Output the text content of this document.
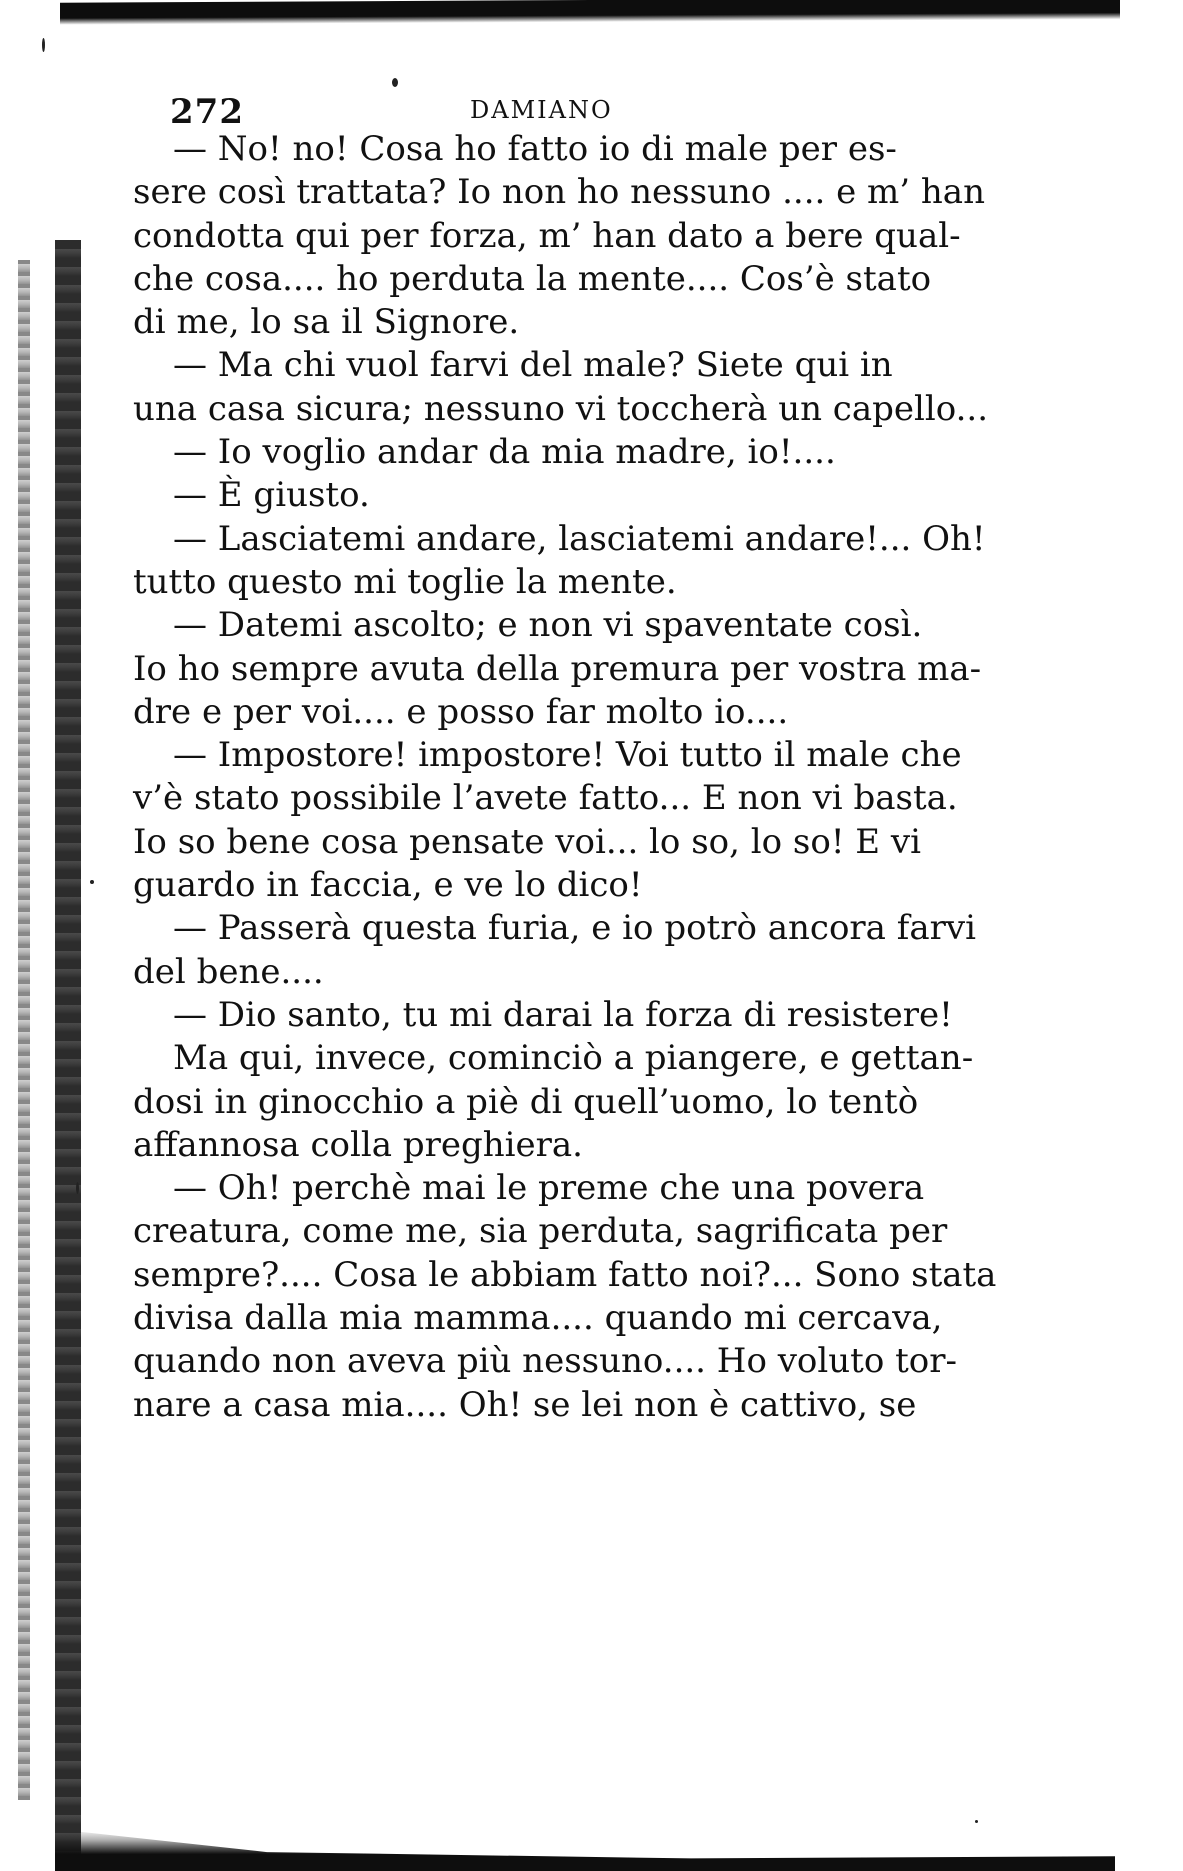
272	DAMIANO
— No! no! Cosa ho fatto io di male per es-
sere così trattata? Io non ho nessuno .... e m’ han
condotta qui per forza, m’ han dato a bere qual-
che cosa.... ho perduta la mente.... Cos’è stato
di me, lo sa il Signore.
— Ma chi vuol farvi del male? Siete qui in
una casa sicura; nessuno vi toccherà un capello...
— Io voglio andar da mia madre, io!....
— È giusto.
— Lasciatemi andare, lasciatemi andare!... Oh!
tutto questo mi toglie la mente.
— Datemi ascolto; e non vi spaventate così.
Io ho sempre avuta della premura per vostra ma-
dre e per voi.... e posso far molto io....
— Impostore! impostore! Voi tutto il male che
v’è stato possibile l’avete fatto... E non vi basta.
Io so bene cosa pensate voi... lo so, lo so! E vi
guardo in faccia, e ve lo dico!
— Passerà questa furia, e io potrò ancora farvi
del bene....
— Dio santo, tu mi darai la forza di resistere!
Ma qui, invece, cominciò a piangere, e gettan-
dosi in ginocchio a piè di quell’uomo, lo tentò
affannosa colla preghiera.
— Oh! perchè mai le preme che una povera
creatura, come me, sia perduta, sagrificata per
sempre?.... Cosa le abbiam fatto noi?... Sono stata
divisa dalla mia mamma.... quando mi cercava,
quando non aveva più nessuno.... Ho voluto tor-
nare a casa mia.... Oh! se lei non è cattivo, se
